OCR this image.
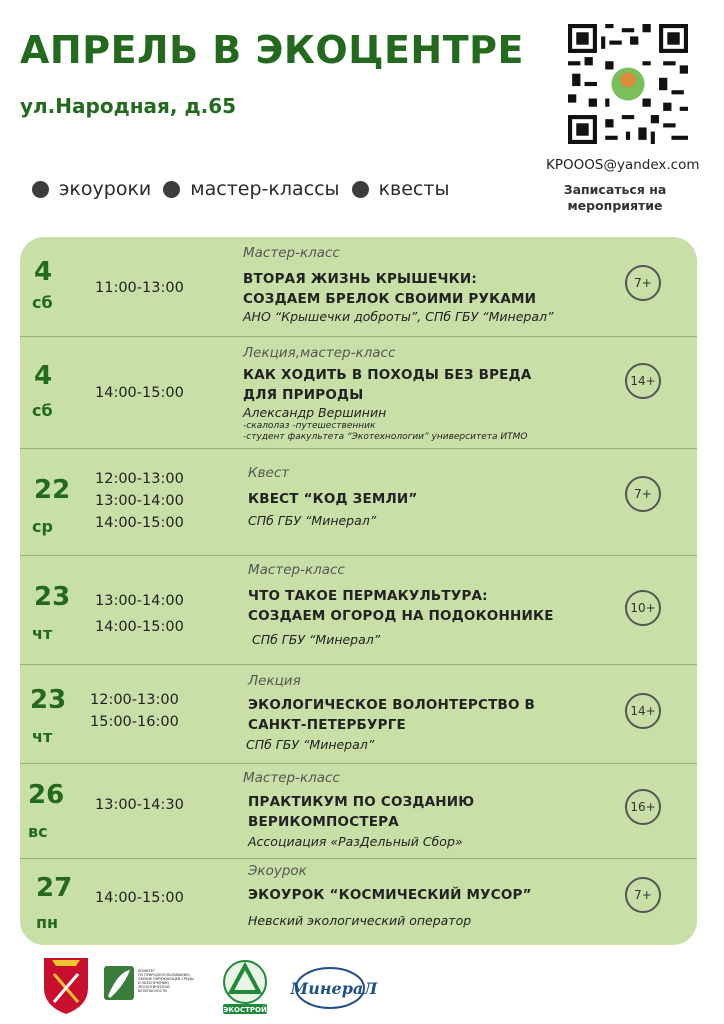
АПРЕЛЬ В ЭКОЦЕНТРЕ
ул.Народная, д.65
экоуроки мастер-классы квесты
KPOOOS@yandex.com
Записаться на мероприятие
4
сб
11:00-13:00
Мастер-класс
ВТОРАЯ ЖИЗНЬ КРЫШЕЧКИ: СОЗДАЕМ БРЕЛОК СВОИМИ РУКАМИ
АНО “Крышечки доброты”, СПб ГБУ “Минерал”
7+
4
сб
14:00-15:00
Лекция,мастер-класс
КАК ХОДИТЬ В ПОХОДЫ БЕЗ ВРЕДА ДЛЯ ПРИРОДЫ
Александр Вершинин
-скалолаз -путешественник
-студент факультета “Экотехнологии” университета ИТМО
14+
22
ср
12:00-13:00
13:00-14:00
14:00-15:00
Квест
КВЕСТ “КОД ЗЕМЛИ”
СПб ГБУ “Минерал”
7+
23
чт
13:00-14:00
14:00-15:00
Мастер-класс
ЧТО ТАКОЕ ПЕРМАКУЛЬТУРА: СОЗДАЕМ ОГОРОД НА ПОДОКОННИКЕ
СПб ГБУ “Минерал”
10+
23
чт
12:00-13:00
15:00-16:00
Лекция
ЭКОЛОГИЧЕСКОЕ ВОЛОНТЕРСТВО В САНКТ-ПЕТЕРБУРГЕ
СПб ГБУ “Минерал”
14+
26
вс
13:00-14:30
Мастер-класс
ПРАКТИКУМ ПО СОЗДАНИЮ ВЕРИКОМПОСТЕРА
Ассоциация «РазДельный Сбор»
16+
27
пн
14:00-15:00
Экоурок
ЭКОУРОК “КОСМИЧЕСКИЙ МУСОР”
Невский экологический оператор
7+
КОМИТЕТ ПО ПРИРОДОПОЛЬЗОВАНИЮ, ОХРАНЕ ОКРУЖАЮЩЕЙ СРЕДЫ И ОБЕСПЕЧЕНИЮ ЭКОЛОГИЧЕСКОЙ БЕЗОПАСНОСТИ
ЭКОСТРОЙ
МинераЛ
